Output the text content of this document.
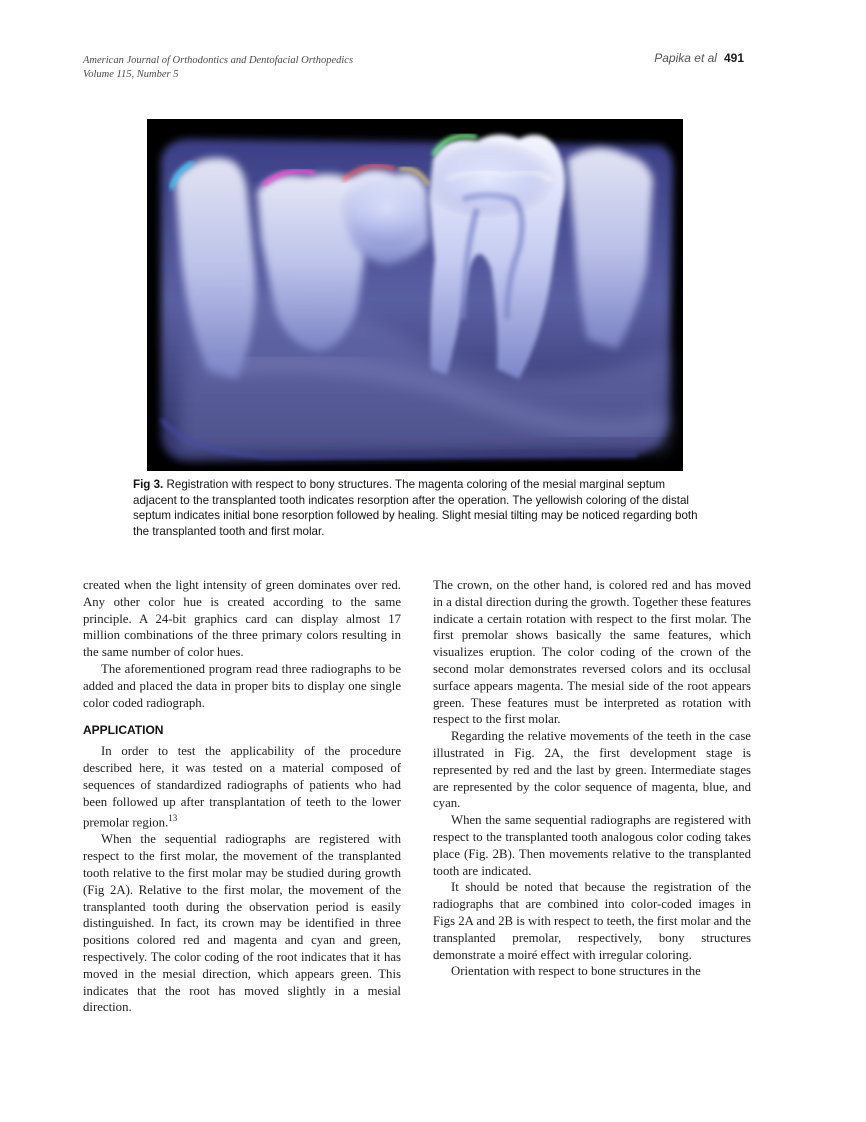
American Journal of Orthodontics and Dentofacial Orthopedics
Volume 115, Number 5
Papika et al 491
Fig 3. Registration with respect to bony structures. The magenta coloring of the mesial marginal septum adjacent to the transplanted tooth indicates resorption after the operation. The yellowish coloring of the distal septum indicates initial bone resorption followed by healing. Slight mesial tilting may be noticed regarding both the transplanted tooth and first molar.

created when the light intensity of green dominates over red. Any other color hue is created according to the same principle. A 24-bit graphics card can display almost 17 million combinations of the three primary colors resulting in the same number of color hues.

The aforementioned program read three radiographs to be added and placed the data in proper bits to display one single color coded radiograph.

APPLICATION

In order to test the applicability of the procedure described here, it was tested on a material composed of sequences of standardized radiographs of patients who had been followed up after transplantation of teeth to the lower premolar region.$^{13}$

When the sequential radiographs are registered with respect to the first molar, the movement of the transplanted tooth relative to the first molar may be studied during growth (Fig 2A). Relative to the first molar, the movement of the transplanted tooth during the observation period is easily distinguished. In fact, its crown may be identified in three positions colored red and magenta and cyan and green, respectively. The color coding of the root indicates that it has moved in the mesial direction, which appears green. This indicates that the root has moved slightly in a mesial direction.

The crown, on the other hand, is colored red and has moved in a distal direction during the growth. Together these features indicate a certain rotation with respect to the first molar. The first premolar shows basically the same features, which visualizes eruption. The color coding of the crown of the second molar demonstrates reversed colors and its occlusal surface appears magenta. The mesial side of the root appears green. These features must be interpreted as rotation with respect to the first molar.

Regarding the relative movements of the teeth in the case illustrated in Fig. 2A, the first development stage is represented by red and the last by green. Intermediate stages are represented by the color sequence of magenta, blue, and cyan.

When the same sequential radiographs are registered with respect to the transplanted tooth analogous color coding takes place (Fig. 2B). Then movements relative to the transplanted tooth are indicated.

It should be noted that because the registration of the radiographs that are combined into color-coded images in Figs 2A and 2B is with respect to teeth, the first molar and the transplanted premolar, respectively, bony structures demonstrate a moiré effect with irregular coloring.

Orientation with respect to bone structures in the
